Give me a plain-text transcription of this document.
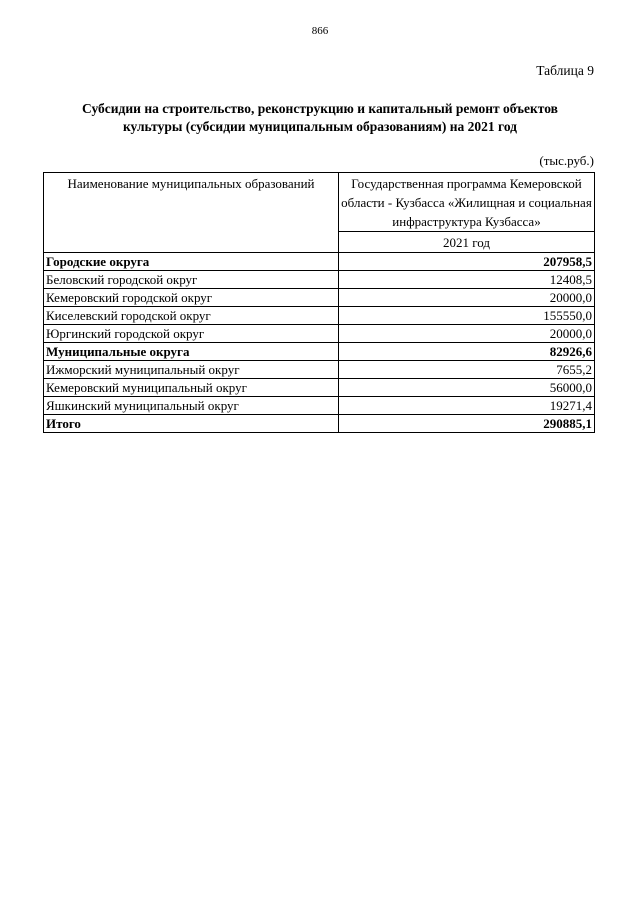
866
Таблица 9
Субсидии на строительство, реконструкцию и капитальный ремонт объектов
культуры (субсидии муниципальным образованиям) на 2021 год
(тыс.руб.)
Наименование муниципальных образований	Государственная программа Кемеровской области - Кузбасса «Жилищная и социальная инфраструктура Кузбасса»
	2021 год
Городские округа	207958,5
Беловский городской округ	12408,5
Кемеровский городской округ	20000,0
Киселевский городской округ	155550,0
Юргинский городской округ	20000,0
Муниципальные округа	82926,6
Ижморский муниципальный округ	7655,2
Кемеровский муниципальный округ	56000,0
Яшкинский муниципальный округ	19271,4
Итого	290885,1
